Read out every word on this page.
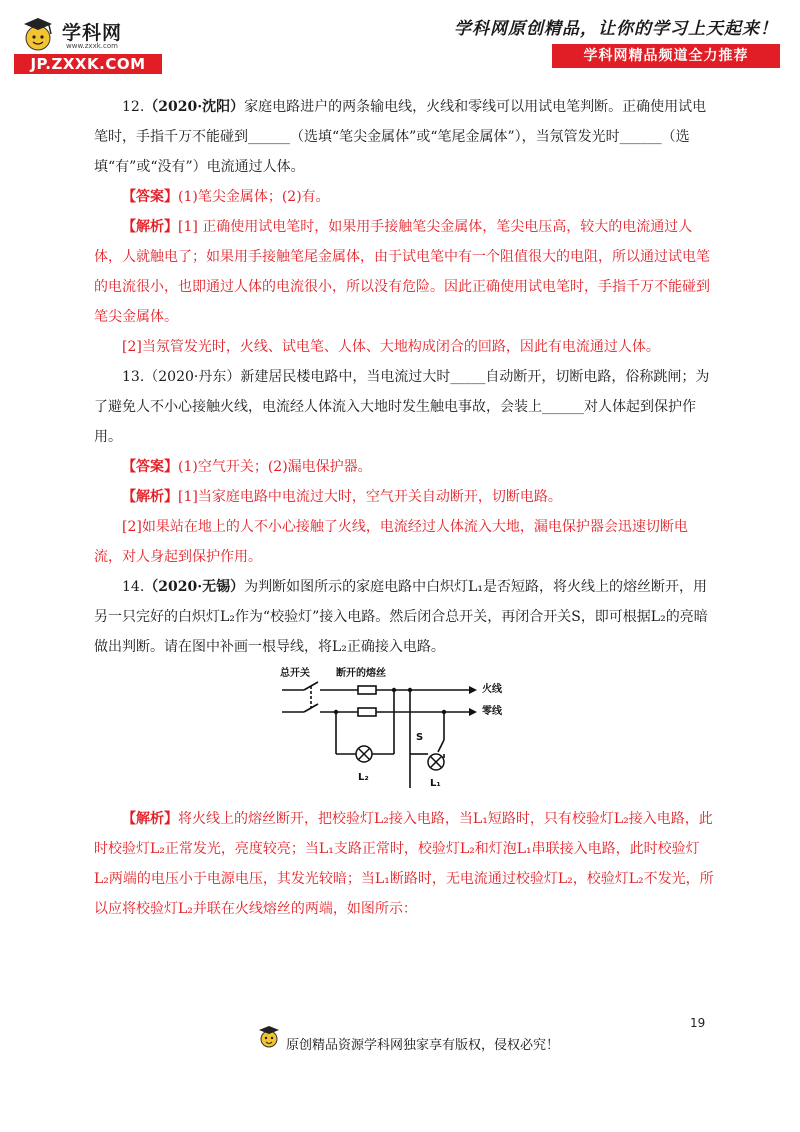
学科网
www.zxxk.com
JP.ZXXK.COM
学科网原创精品，让你的学习上天起来！
学科网精品频道全力推荐

12.（2020·沈阳）家庭电路进户的两条输电线，火线和零线可以用试电笔判断。正确使用试电笔时，手指千万不能碰到______（选填“笔尖金属体”或“笔尾金属体”），当氖管发光时______（选填“有”或“没有”）电流通过人体。

【答案】(1)笔尖金属体；(2)有。

【解析】[1] 正确使用试电笔时，如果用手接触笔尖金属体，笔尖电压高，较大的电流通过人体，人就触电了；如果用手接触笔尾金属体，由于试电笔中有一个阻值很大的电阻，所以通过试电笔的电流很小，也即通过人体的电流很小，所以没有危险。因此正确使用试电笔时，手指千万不能碰到笔尖金属体。

[2]当氖管发光时，火线、试电笔、人体、大地构成闭合的回路，因此有电流通过人体。

13.（2020·丹东）新建居民楼电路中，当电流过大时_____自动断开，切断电路，俗称跳闸；为了避免人不小心接触火线，电流经人体流入大地时发生触电事故，会装上______对人体起到保护作用。

【答案】(1)空气开关；(2)漏电保护器。

【解析】[1]当家庭电路中电流过大时，空气开关自动断开，切断电路。

[2]如果站在地上的人不小心接触了火线，电流经过人体流入大地，漏电保护器会迅速切断电流，对人身起到保护作用。

14.（2020·无锡）为判断如图所示的家庭电路中白炽灯L₁是否短路，将火线上的熔丝断开，用另一只完好的白炽灯L₂作为“校验灯”接入电路。然后闭合总开关，再闭合开关S，即可根据L₂的亮暗做出判断。请在图中补画一根导线，将L₂正确接入电路。

总开关	断开的熔丝
火线
零线
S
L₂
L₁

【解析】将火线上的熔丝断开，把校验灯L₂接入电路，当L₁短路时，只有校验灯L₂接入电路，此时校验灯L₂正常发光，亮度较亮；当L₁支路正常时，校验灯L₂和灯泡L₁串联接入电路，此时校验灯L₂两端的电压小于电源电压，其发光较暗；当L₁断路时，无电流通过校验灯L₂，校验灯L₂不发光，所以应将校验灯L₂并联在火线熔丝的两端，如图所示：

19
原创精品资源学科网独家享有版权，侵权必究！
